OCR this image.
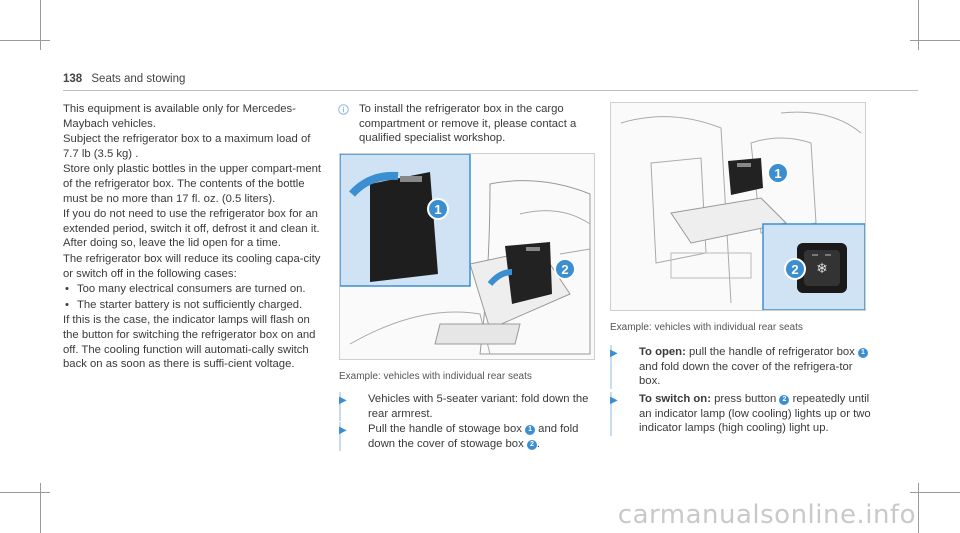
138 Seats and stowing

This equipment is available only for Mercedes-Maybach vehicles.

Subject the refrigerator box to a maximum load of 7.7 lb (3.5 kg) .

Store only plastic bottles in the upper compart-ment of the refrigerator box. The contents of the bottle must be no more than 17 fl. oz. (0.5 liters).

If you do not need to use the refrigerator box for an extended period, switch it off, defrost it and clean it. After doing so, leave the lid open for a time.

The refrigerator box will reduce its cooling capa-city or switch off in the following cases:

• Too many electrical consumers are turned on.

• The starter battery is not sufficiently charged.

If this is the case, the indicator lamps will flash on the button for switching the refrigerator box on and off. The cooling function will automati-cally switch back on as soon as there is suffi-cient voltage.

To install the refrigerator box in the cargo compartment or remove it, please contact a qualified specialist workshop.
1
2
Example: vehicles with individual rear seats
▶	Vehicles with 5-seater variant: fold down the rear armrest.
▶	Pull the handle of stowage box 1 and fold down the cover of stowage box 2 .
1
❄
2
Example: vehicles with individual rear seats
▶	To open: pull the handle of refrigerator box 1 and fold down the cover of the refrigera-tor box.
▶	To switch on: press button 2 repeatedly until an indicator lamp (low cooling) lights up or two indicator lamps (high cooling) light up.
carmanualsonline.info
